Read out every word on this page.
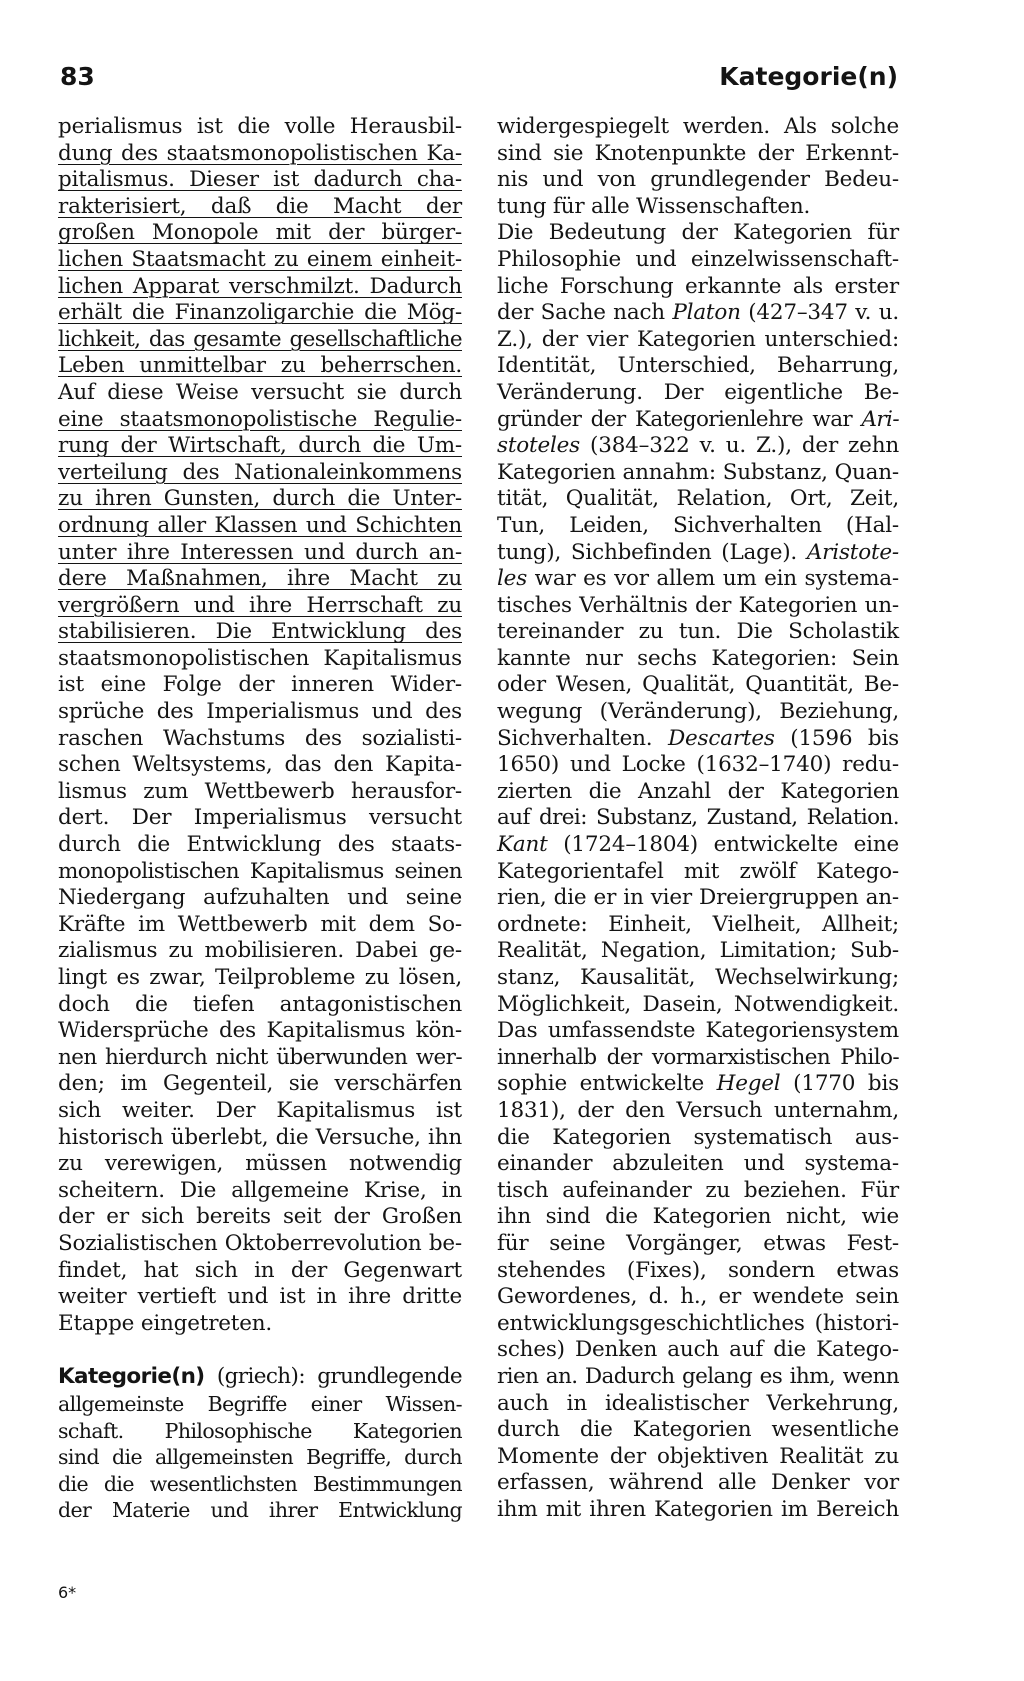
83	Kategorie(n)

perialismus ist die volle Herausbil-
dung des staatsmonopolistischen Ka-
pitalismus. Dieser ist dadurch cha-
rakterisiert, daß die Macht der
großen Monopole mit der bürger-
lichen Staatsmacht zu einem einheit-
lichen Apparat verschmilzt. Dadurch
erhält die Finanzoligarchie die Mög-
lichkeit, das gesamte gesellschaftliche
Leben unmittelbar zu beherrschen.
Auf diese Weise versucht sie durch
eine staatsmonopolistische Regulie-
rung der Wirtschaft, durch die Um-
verteilung des Nationaleinkommens
zu ihren Gunsten, durch die Unter-
ordnung aller Klassen und Schichten
unter ihre Interessen und durch an-
dere Maßnahmen, ihre Macht zu
vergrößern und ihre Herrschaft zu
stabilisieren. Die Entwicklung des
staatsmonopolistischen Kapitalismus
ist eine Folge der inneren Wider-
sprüche des Imperialismus und des
raschen Wachstums des sozialisti-
schen Weltsystems, das den Kapita-
lismus zum Wettbewerb herausfor-
dert. Der Imperialismus versucht
durch die Entwicklung des staats-
monopolistischen Kapitalismus seinen
Niedergang aufzuhalten und seine
Kräfte im Wettbewerb mit dem So-
zialismus zu mobilisieren. Dabei ge-
lingt es zwar, Teilprobleme zu lösen,
doch die tiefen antagonistischen
Widersprüche des Kapitalismus kön-
nen hierdurch nicht überwunden wer-
den; im Gegenteil, sie verschärfen
sich weiter. Der Kapitalismus ist
historisch überlebt, die Versuche, ihn
zu verewigen, müssen notwendig
scheitern. Die allgemeine Krise, in
der er sich bereits seit der Großen
Sozialistischen Oktoberrevolution be-
findet, hat sich in der Gegenwart
weiter vertieft und ist in ihre dritte
Etappe eingetreten.

Kategorie(n) (griech): grundlegende
allgemeinste Begriffe einer Wissen-
schaft. Philosophische Kategorien
sind die allgemeinsten Begriffe, durch
die die wesentlichsten Bestimmungen
der Materie und ihrer Entwicklung

widergespiegelt werden. Als solche
sind sie Knotenpunkte der Erkennt-
nis und von grundlegender Bedeu-
tung für alle Wissenschaften.

Die Bedeutung der Kategorien für
Philosophie und einzelwissenschaft-
liche Forschung erkannte als erster
der Sache nach Platon (427–347 v. u.
Z.), der vier Kategorien unterschied:
Identität, Unterschied, Beharrung,
Veränderung. Der eigentliche Be-
gründer der Kategorienlehre war Ari-
stoteles (384–322 v. u. Z.), der zehn
Kategorien annahm: Substanz, Quan-
tität, Qualität, Relation, Ort, Zeit,
Tun, Leiden, Sichverhalten (Hal-
tung), Sichbefinden (Lage). Aristote-
les war es vor allem um ein systema-
tisches Verhältnis der Kategorien un-
tereinander zu tun. Die Scholastik
kannte nur sechs Kategorien: Sein
oder Wesen, Qualität, Quantität, Be-
wegung (Veränderung), Beziehung,
Sichverhalten. Descartes (1596 bis
1650) und Locke (1632–1740) redu-
zierten die Anzahl der Kategorien
auf drei: Substanz, Zustand, Relation.
Kant (1724–1804) entwickelte eine
Kategorientafel mit zwölf Katego-
rien, die er in vier Dreiergruppen an-
ordnete: Einheit, Vielheit, Allheit;
Realität, Negation, Limitation; Sub-
stanz, Kausalität, Wechselwirkung;
Möglichkeit, Dasein, Notwendigkeit.
Das umfassendste Kategoriensystem
innerhalb der vormarxistischen Philo-
sophie entwickelte Hegel (1770 bis
1831), der den Versuch unternahm,
die Kategorien systematisch aus-
einander abzuleiten und systema-
tisch aufeinander zu beziehen. Für
ihn sind die Kategorien nicht, wie
für seine Vorgänger, etwas Fest-
stehendes (Fixes), sondern etwas
Gewordenes, d. h., er wendete sein
entwicklungsgeschichtliches (histori-
sches) Denken auch auf die Katego-
rien an. Dadurch gelang es ihm, wenn
auch in idealistischer Verkehrung,
durch die Kategorien wesentliche
Momente der objektiven Realität zu
erfassen, während alle Denker vor
ihm mit ihren Kategorien im Bereich

6*
